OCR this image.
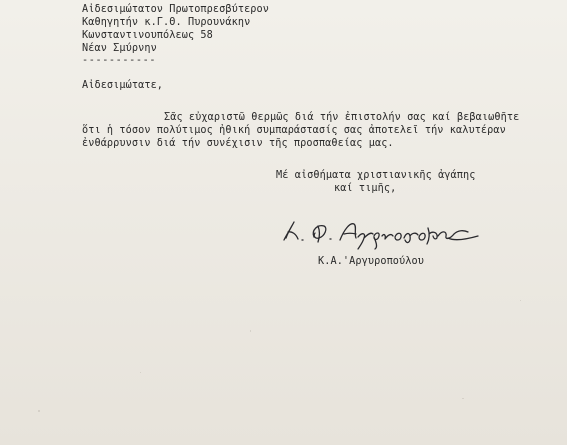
Αἰδεσιμώτατον Πρωτοπρεσβύτερον
Καθηγητήν κ.Γ.Θ. Πυρουνάκην
Κωνσταντινουπόλεως 58
Νέαν Σμύρνην
-----------
Αἰδεσιμώτατε,
Σᾶς εὐχαριστῶ θερμῶς διά τήν ἐπιστολήν σας καί βεβαιωθῆτε
ὅτι ἡ τόσον πολύτιμος ἠθική συμπαράστασίς σας ἀποτελεῖ τήν καλυτέραν
ἐνθάρρυνσιν διά τήν συνέχισιν τῆς προσπαθείας μας.
Μέ αἰσθήματα χριστιανικῆς ἀγάπης
καί τιμῆς,
Κ.Α.'Αργυροπούλου
